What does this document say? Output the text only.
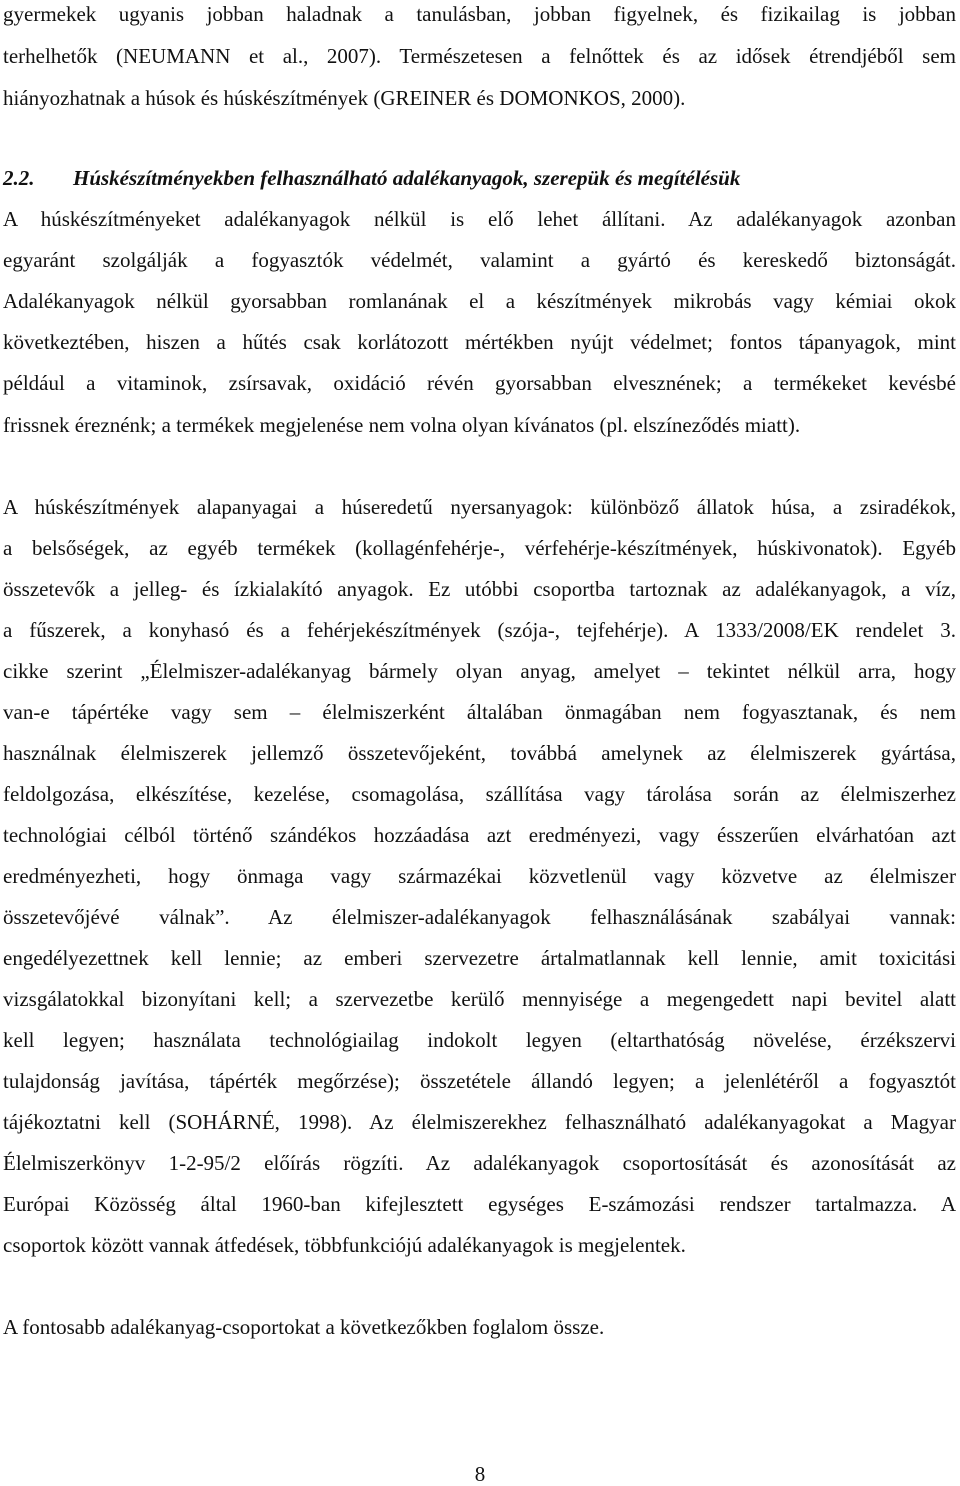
gyermekek ugyanis jobban haladnak a tanulásban, jobban figyelnek, és fizikailag is jobban
terhelhetők (NEUMANN et al., 2007). Természetesen a felnőttek és az idősek étrendjéből sem
hiányozhatnak a húsok és húskészítmények (GREINER és DOMONKOS, 2000).
2.2. Húskészítményekben felhasználható adalékanyagok, szerepük és megítélésük
A húskészítményeket adalékanyagok nélkül is elő lehet állítani. Az adalékanyagok azonban
egyaránt szolgálják a fogyasztók védelmét, valamint a gyártó és kereskedő biztonságát.
Adalékanyagok nélkül gyorsabban romlanának el a készítmények mikrobás vagy kémiai okok
következtében, hiszen a hűtés csak korlátozott mértékben nyújt védelmet; fontos tápanyagok, mint
például a vitaminok, zsírsavak, oxidáció révén gyorsabban elvesznének; a termékeket kevésbé
frissnek éreznénk; a termékek megjelenése nem volna olyan kívánatos (pl. elszíneződés miatt).
A húskészítmények alapanyagai a húseredetű nyersanyagok: különböző állatok húsa, a zsiradékok,
a belsőségek, az egyéb termékek (kollagénfehérje-, vérfehérje-készítmények, húskivonatok). Egyéb
összetevők a jelleg- és ízkialakító anyagok. Ez utóbbi csoportba tartoznak az adalékanyagok, a víz,
a fűszerek, a konyhasó és a fehérjekészítmények (szója-, tejfehérje). A 1333/2008/EK rendelet 3.
cikke szerint „Élelmiszer-adalékanyag bármely olyan anyag, amelyet – tekintet nélkül arra, hogy
van-e tápértéke vagy sem – élelmiszerként általában önmagában nem fogyasztanak, és nem
használnak élelmiszerek jellemző összetevőjeként, továbbá amelynek az élelmiszerek gyártása,
feldolgozása, elkészítése, kezelése, csomagolása, szállítása vagy tárolása során az élelmiszerhez
technológiai célból történő szándékos hozzáadása azt eredményezi, vagy ésszerűen elvárhatóan azt
eredményezheti, hogy önmaga vagy származékai közvetlenül vagy közvetve az élelmiszer
összetevőjévé válnak”. Az élelmiszer-adalékanyagok felhasználásának szabályai vannak:
engedélyezettnek kell lennie; az emberi szervezetre ártalmatlannak kell lennie, amit toxicitási
vizsgálatokkal bizonyítani kell; a szervezetbe kerülő mennyisége a megengedett napi bevitel alatt
kell legyen; használata technológiailag indokolt legyen (eltarthatóság növelése, érzékszervi
tulajdonság javítása, tápérték megőrzése); összetétele állandó legyen; a jelenlétéről a fogyasztót
tájékoztatni kell (SOHÁRNÉ, 1998). Az élelmiszerekhez felhasználható adalékanyagokat a Magyar
Élelmiszerkönyv 1-2-95/2 előírás rögzíti. Az adalékanyagok csoportosítását és azonosítását az
Európai Közösség által 1960-ban kifejlesztett egységes E-számozási rendszer tartalmazza. A
csoportok között vannak átfedések, többfunkciójú adalékanyagok is megjelentek.
A fontosabb adalékanyag-csoportokat a következőkben foglalom össze.
8
